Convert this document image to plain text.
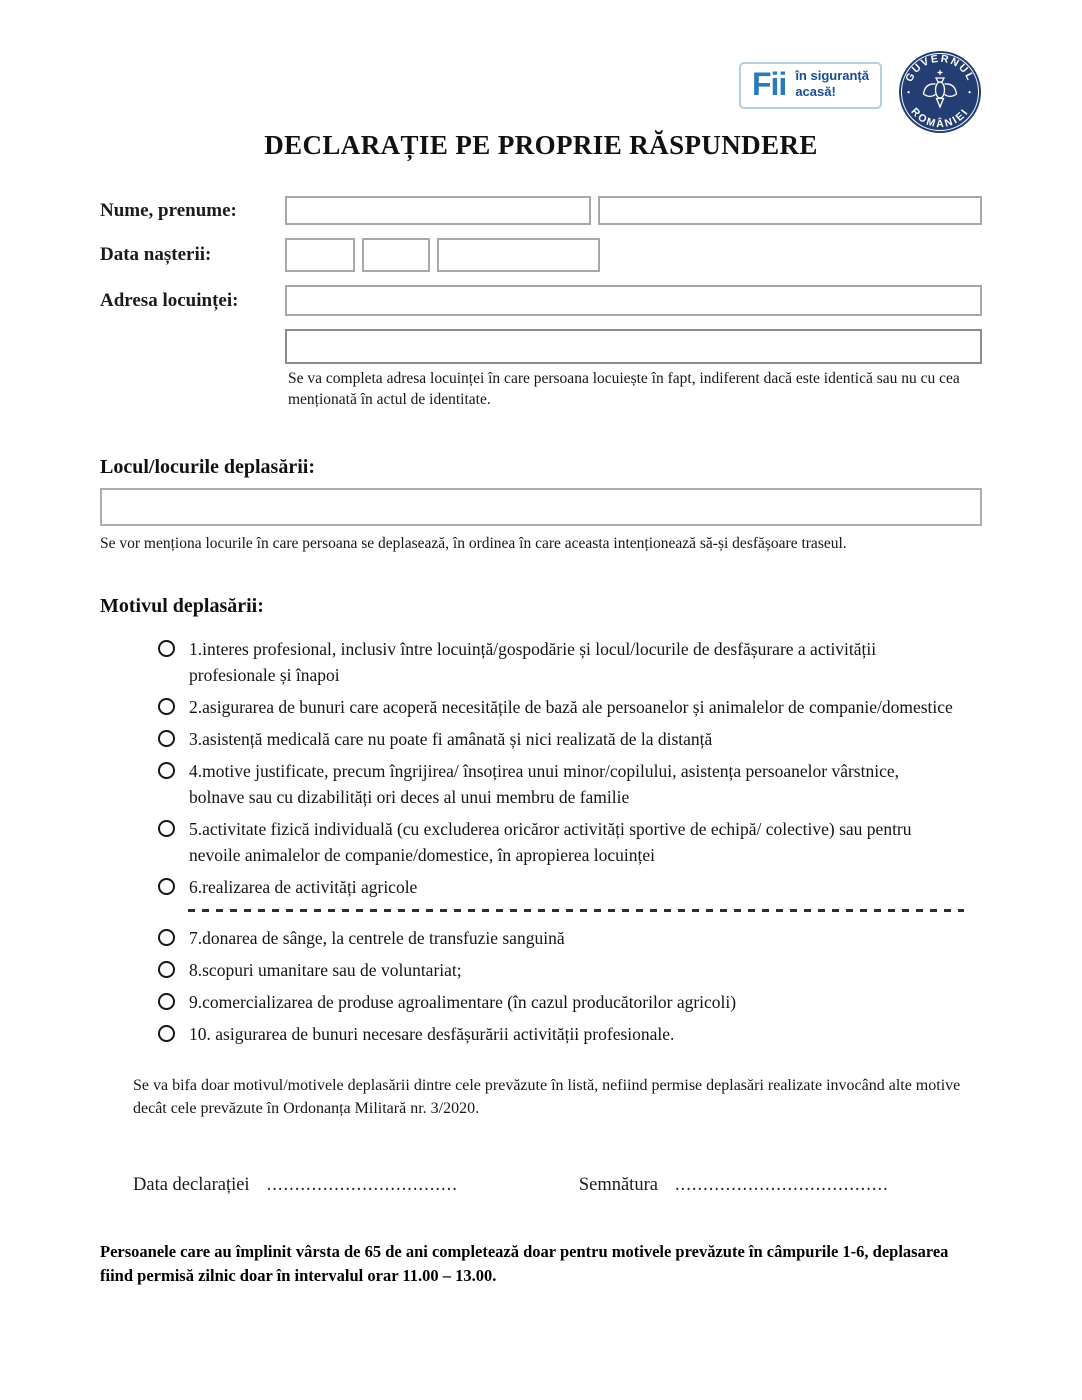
Fii în siguranță
acasă!
GUVERNUL
ROMÂNIEI
•	•
DECLARAȚIE PE PROPRIE RĂSPUNDERE
Nume, prenume:
Data nașterii:
Adresa locuinței:

Se va completa adresa locuinței în care persoana locuiește în fapt, indiferent dacă este identică sau nu cu cea menționată în actul de identitate.

Locul/locurile deplasării:

Se vor menționa locurile în care persoana se deplasează, în ordinea în care aceasta intenționează să-și desfășoare traseul.

Motivul deplasării:
1.interes profesional, inclusiv între locuință/gospodărie și locul/locurile de desfășurare a activității profesionale și înapoi
2.asigurarea de bunuri care acoperă necesitățile de bază ale persoanelor și animalelor de companie/domestice
3.asistență medicală care nu poate fi amânată și nici realizată de la distanță
4.motive justificate, precum îngrijirea/ însoțirea unui minor/copilului, asistența persoanelor vârstnice, bolnave sau cu dizabilități ori deces al unui membru de familie
5.activitate fizică individuală (cu excluderea oricăror activități sportive de echipă/ colective) sau pentru nevoile animalelor de companie/domestice, în apropierea locuinței
6.realizarea de activități agricole
7.donarea de sânge, la centrele de transfuzie sanguină
8.scopuri umanitare sau de voluntariat;
9.comercializarea de produse agroalimentare (în cazul producătorilor agricoli)
10. asigurarea de bunuri necesare desfășurării activității profesionale.

Se va bifa doar motivul/motivele deplasării dintre cele prevăzute în listă, nefiind permise deplasări realizate invocând alte motive decât cele prevăzute în Ordonanța Militară nr. 3/2020.

Data declarației ..................................	Semnătura ......................................

Persoanele care au împlinit vârsta de 65 de ani completează doar pentru motivele prevăzute în câmpurile 1-6, deplasarea fiind permisă zilnic doar în intervalul orar 11.00 – 13.00.
